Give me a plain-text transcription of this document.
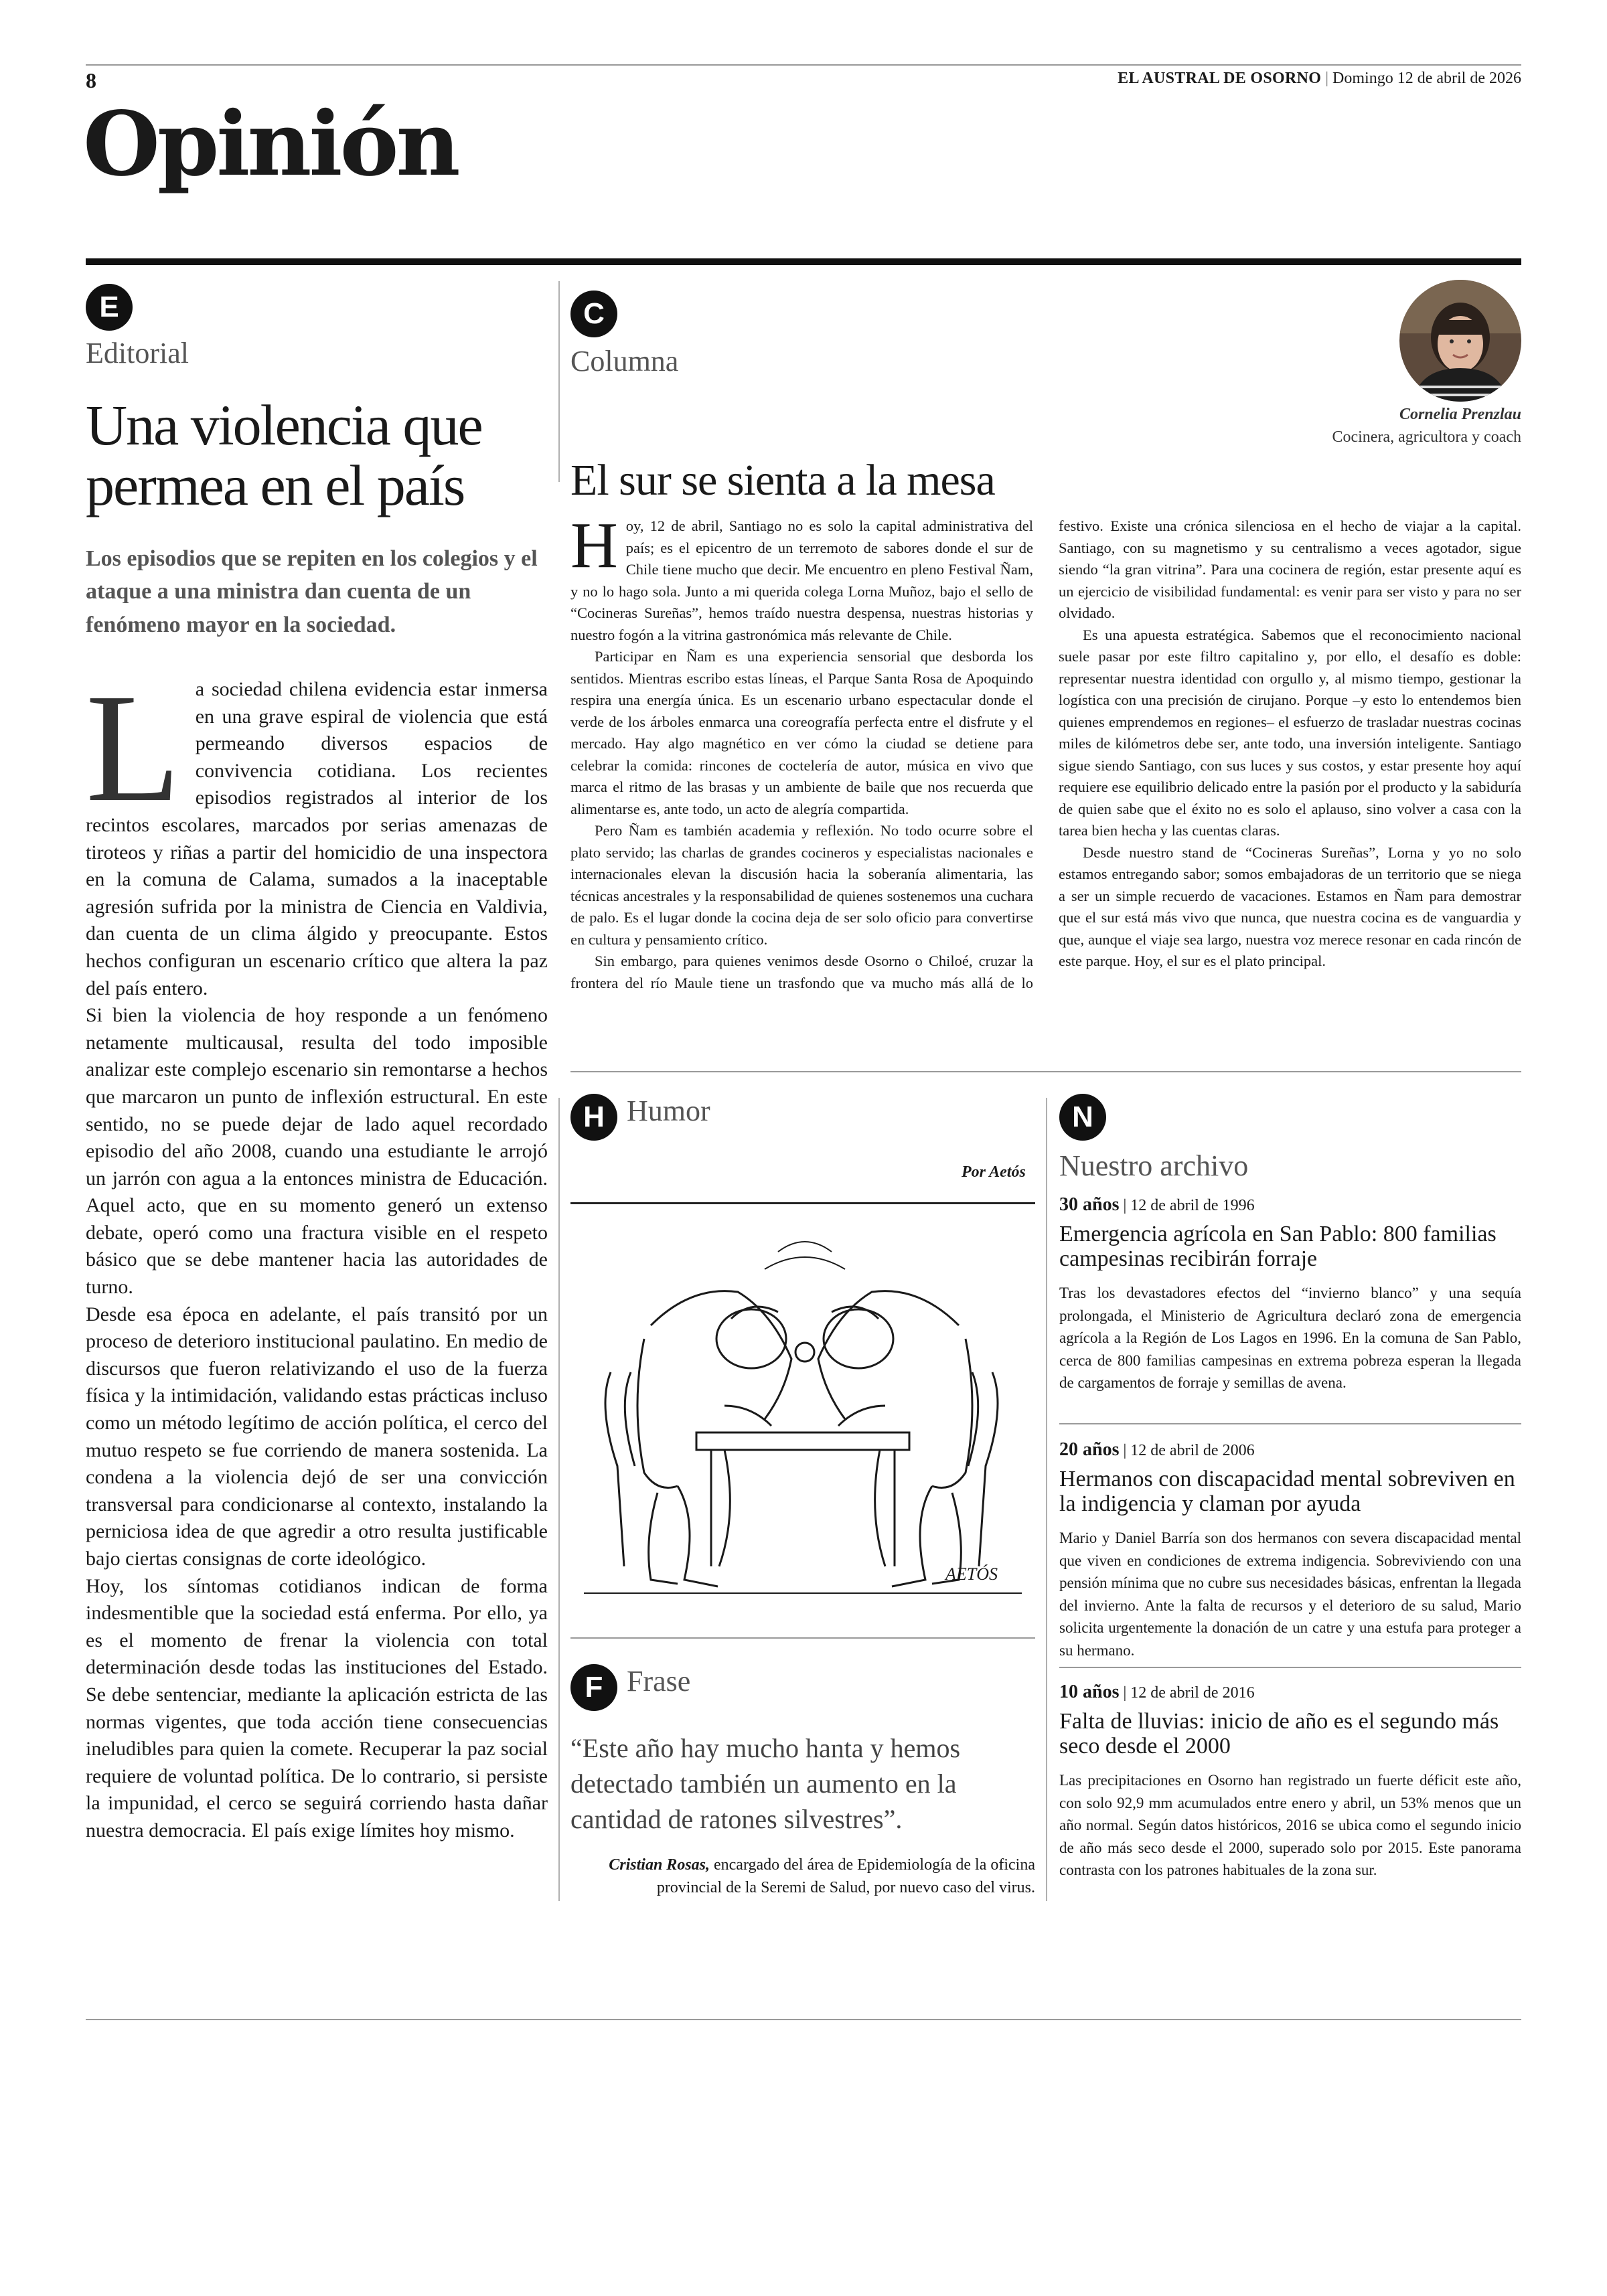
8	EL AUSTRAL DE OSORNO | Domingo 12 de abril de 2026
Opinión
E
Editorial
Una violencia que
permea en el país
Los episodios que se repiten en los colegios y el ataque a una ministra dan cuenta de un fenómeno mayor en la sociedad.

La sociedad chilena evidencia estar inmersa en una grave espiral de violencia que está permeando diversos espacios de convivencia cotidiana. Los recientes episodios registrados al interior de los recintos escolares, marcados por serias amenazas de tiroteos y riñas a partir del homicidio de una inspectora en la comuna de Calama, sumados a la inaceptable agresión sufrida por la ministra de Ciencia en Valdivia, dan cuenta de un clima álgido y preocupante. Estos hechos configuran un escenario crítico que altera la paz del país entero.

Si bien la violencia de hoy responde a un fenómeno netamente multicausal, resulta del todo imposible analizar este complejo escenario sin remontarse a hechos que marcaron un punto de inflexión estructural. En este sentido, no se puede dejar de lado aquel recordado episodio del año 2008, cuando una estudiante le arrojó un jarrón con agua a la entonces ministra de Educación. Aquel acto, que en su momento generó un extenso debate, operó como una fractura visible en el respeto básico que se debe mantener hacia las autoridades de turno.

Desde esa época en adelante, el país transitó por un proceso de deterioro institucional paulatino. En medio de discursos que fueron relativizando el uso de la fuerza física y la intimidación, validando estas prácticas incluso como un método legítimo de acción política, el cerco del mutuo respeto se fue corriendo de manera sostenida. La condena a la violencia dejó de ser una convicción transversal para condicionarse al contexto, instalando la perniciosa idea de que agredir a otro resulta justificable bajo ciertas consignas de corte ideológico.

Hoy, los síntomas cotidianos indican de forma indesmentible que la sociedad está enferma. Por ello, ya es el momento de frenar la violencia con total determinación desde todas las instituciones del Estado. Se debe sentenciar, mediante la aplicación estricta de las normas vigentes, que toda acción tiene consecuencias ineludibles para quien la comete. Recuperar la paz social requiere de voluntad política. De lo contrario, si persiste la impunidad, el cerco se seguirá corriendo hasta dañar nuestra democracia. El país exige límites hoy mismo.

C
Columna
Cornelia Prenzlau
Cocinera, agricultora y coach
El sur se sienta a la mesa

Hoy, 12 de abril, Santiago no es solo la capital administrativa del país; es el epicentro de un terremoto de sabores donde el sur de Chile tiene mucho que decir. Me encuentro en pleno Festival Ñam, y no lo hago sola. Junto a mi querida colega Lorna Muñoz, bajo el sello de “Cocineras Sureñas”, hemos traído nuestra despensa, nuestras historias y nuestro fogón a la vitrina gastronómica más relevante de Chile.

Participar en Ñam es una experiencia sensorial que desborda los sentidos. Mientras escribo estas líneas, el Parque Santa Rosa de Apoquindo respira una energía única. Es un escenario urbano espectacular donde el verde de los árboles enmarca una coreografía perfecta entre el disfrute y el mercado. Hay algo magnético en ver cómo la ciudad se detiene para celebrar la comida: rincones de coctelería de autor, música en vivo que marca el ritmo de las brasas y un ambiente de baile que nos recuerda que alimentarse es, ante todo, un acto de alegría compartida.

Pero Ñam es también academia y reflexión. No todo ocurre sobre el plato servido; las charlas de grandes cocineros y especialistas nacionales e internacionales elevan la discusión hacia la soberanía alimentaria, las técnicas ancestrales y la responsabilidad de quienes sostenemos una cuchara de palo. Es el lugar donde la cocina deja de ser solo oficio para convertirse en cultura y pensamiento crítico.

Sin embargo, para quienes venimos desde Osorno o Chiloé, cruzar la frontera del río Maule tiene un trasfondo que va mucho más allá de lo festivo. Existe una crónica silenciosa en el hecho de viajar a la capital. Santiago, con su magnetismo y su centralismo a veces agotador, sigue siendo “la gran vitrina”. Para una cocinera de región, estar presente aquí es un ejercicio de visibilidad fundamental: es venir para ser visto y para no ser olvidado.

Es una apuesta estratégica. Sabemos que el reconocimiento nacional suele pasar por este filtro capitalino y, por ello, el desafío es doble: representar nuestra identidad con orgullo y, al mismo tiempo, gestionar la logística con una precisión de cirujano. Porque –y esto lo entendemos bien quienes emprendemos en regiones– el esfuerzo de trasladar nuestras cocinas miles de kilómetros debe ser, ante todo, una inversión inteligente. Santiago sigue siendo Santiago, con sus luces y sus costos, y estar presente hoy aquí requiere ese equilibrio delicado entre la pasión por el producto y la sabiduría de quien sabe que el éxito no es solo el aplauso, sino volver a casa con la tarea bien hecha y las cuentas claras.

Desde nuestro stand de “Cocineras Sureñas”, Lorna y yo no solo estamos entregando sabor; somos embajadoras de un territorio que se niega a ser un simple recuerdo de vacaciones. Estamos en Ñam para demostrar que el sur está más vivo que nunca, que nuestra cocina es de vanguardia y que, aunque el viaje sea largo, nuestra voz merece resonar en cada rincón de este parque. Hoy, el sur es el plato principal.

H Humor
Por Aetós
AETÓS
F Frase
“Este año hay mucho hanta y hemos detectado también un aumento en la cantidad de ratones silvestres”.
Cristian Rosas, encargado del área de Epidemiología de la oficina provincial de la Seremi de Salud, por nuevo caso del virus.
N
Nuestro archivo
30 años | 12 de abril de 1996
Emergencia agrícola en San Pablo: 800 familias campesinas recibirán forraje
Tras los devastadores efectos del “invierno blanco” y una sequía prolongada, el Ministerio de Agricultura declaró zona de emergencia agrícola a la Región de Los Lagos en 1996. En la comuna de San Pablo, cerca de 800 familias campesinas en extrema pobreza esperan la llegada de cargamentos de forraje y semillas de avena.
20 años | 12 de abril de 2006
Hermanos con discapacidad mental sobreviven en la indigencia y claman por ayuda
Mario y Daniel Barría son dos hermanos con severa discapacidad mental que viven en condiciones de extrema indigencia. Sobreviviendo con una pensión mínima que no cubre sus necesidades básicas, enfrentan la llegada del invierno. Ante la falta de recursos y el deterioro de su salud, Mario solicita urgentemente la donación de un catre y una estufa para proteger a su hermano.
10 años | 12 de abril de 2016
Falta de lluvias: inicio de año es el segundo más seco desde el 2000
Las precipitaciones en Osorno han registrado un fuerte déficit este año, con solo 92,9 mm acumulados entre enero y abril, un 53% menos que un año normal. Según datos históricos, 2016 se ubica como el segundo inicio de año más seco desde el 2000, superado solo por 2015. Este panorama contrasta con los patrones habituales de la zona sur.
